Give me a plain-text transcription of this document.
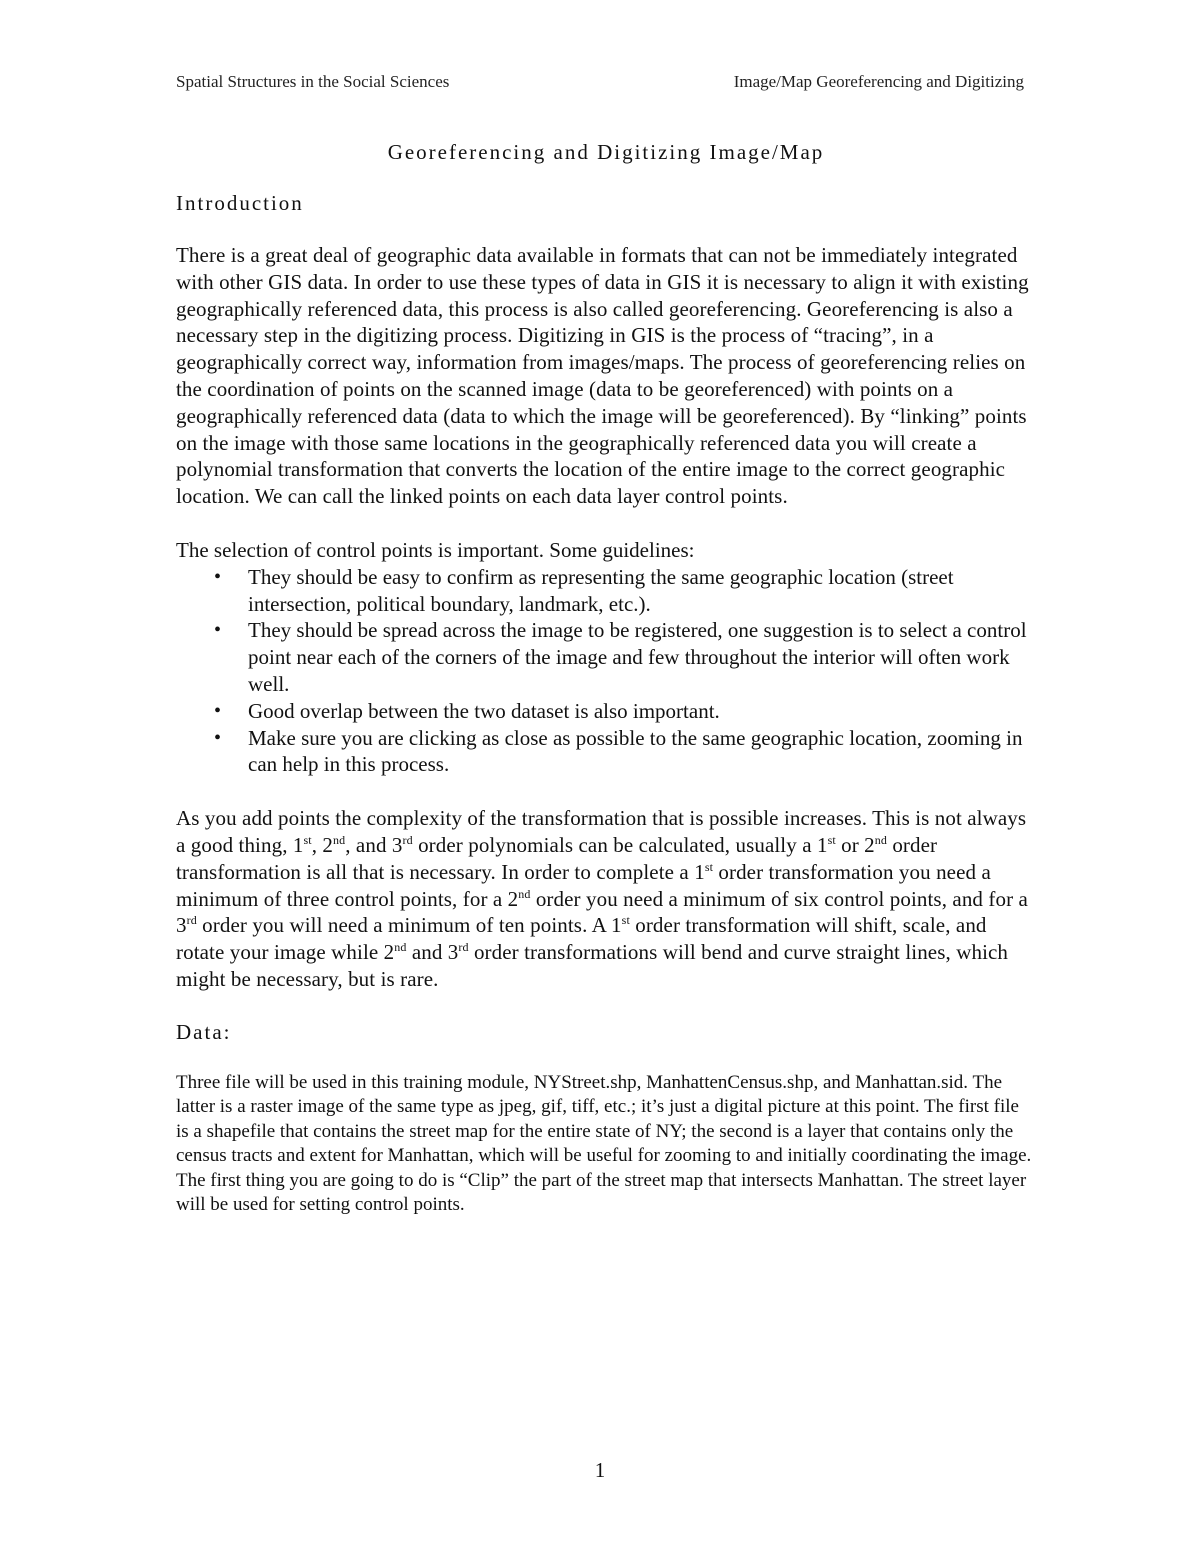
Spatial Structures in the Social Sciences	Image/Map Georeferencing and Digitizing
Georeferencing and Digitizing Image/Map
Introduction

There is a great deal of geographic data available in formats that can not be immediately integrated with other GIS data. In order to use these types of data in GIS it is necessary to align it with existing geographically referenced data, this process is also called georeferencing. Georeferencing is also a necessary step in the digitizing process. Digitizing in GIS is the process of “tracing”, in a geographically correct way, information from images/maps. The process of georeferencing relies on the coordination of points on the scanned image (data to be georeferenced) with points on a geographically referenced data (data to which the image will be georeferenced). By “linking” points on the image with those same locations in the geographically referenced data you will create a polynomial transformation that converts the location of the entire image to the correct geographic location. We can call the linked points on each data layer control points.

The selection of control points is important. Some guidelines:

• They should be easy to confirm as representing the same geographic location (street intersection, political boundary, landmark, etc.).
• They should be spread across the image to be registered, one suggestion is to select a control point near each of the corners of the image and few throughout the interior will often work well.
• Good overlap between the two dataset is also important.
• Make sure you are clicking as close as possible to the same geographic location, zooming in can help in this process.

As you add points the complexity of the transformation that is possible increases. This is not always a good thing, 1st, 2nd, and 3rd order polynomials can be calculated, usually a 1st or 2nd order transformation is all that is necessary. In order to complete a 1st order transformation you need a minimum of three control points, for a 2nd order you need a minimum of six control points, and for a 3rd order you will need a minimum of ten points. A 1st order transformation will shift, scale, and rotate your image while 2nd and 3rd order transformations will bend and curve straight lines, which might be necessary, but is rare.

Data:

Three file will be used in this training module, NYStreet.shp, ManhattenCensus.shp, and Manhattan.sid. The latter is a raster image of the same type as jpeg, gif, tiff, etc.; it’s just a digital picture at this point. The first file is a shapefile that contains the street map for the entire state of NY; the second is a layer that contains only the census tracts and extent for Manhattan, which will be useful for zooming to and initially coordinating the image. The first thing you are going to do is “Clip” the part of the street map that intersects Manhattan. The street layer will be used for setting control points.

1
